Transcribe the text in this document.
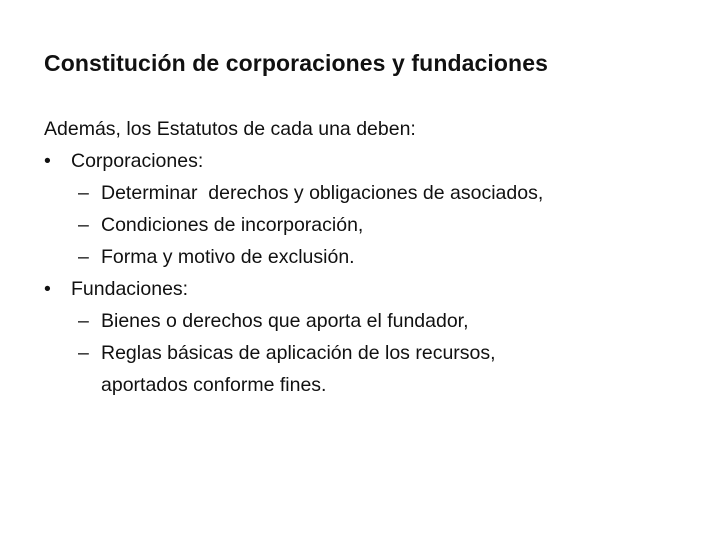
Constitución de corporaciones y fundaciones
Además, los Estatutos de cada una deben:
•	Corporaciones:
– Determinar  derechos y obligaciones de asociados,
– Condiciones de incorporación,
– Forma y motivo de exclusión.
•	Fundaciones:
– Bienes o derechos que aporta el fundador,
– Reglas básicas de aplicación de los recursos,
aportados conforme fines.
